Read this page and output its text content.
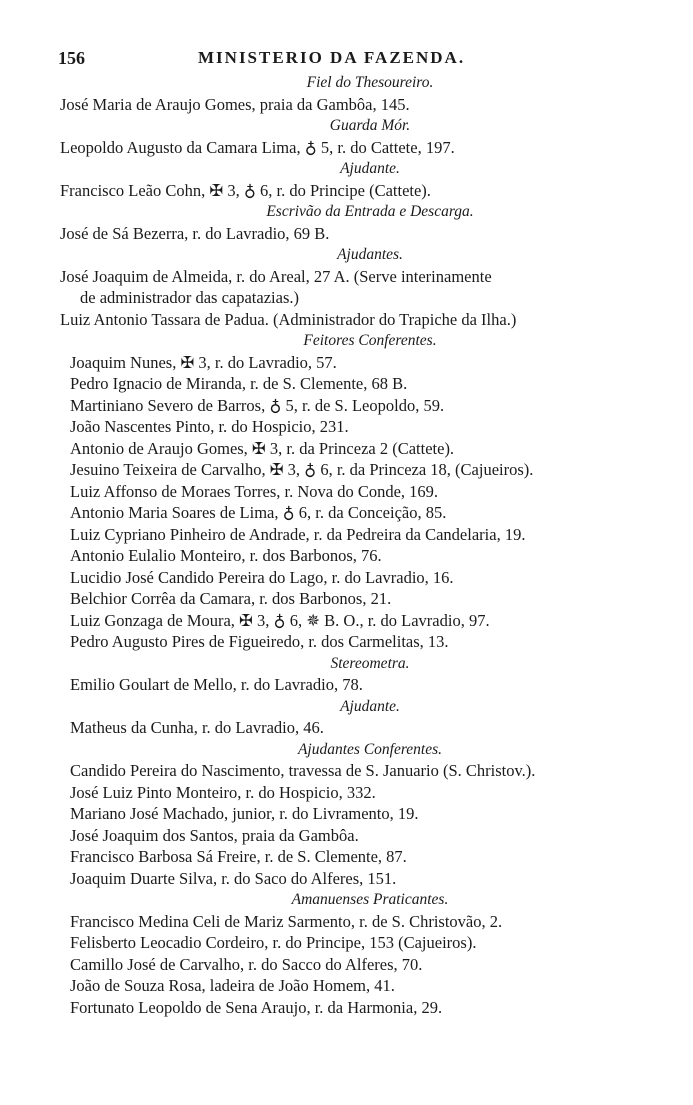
156	MINISTERIO DA FAZENDA.
Fiel do Thesoureiro.
José Maria de Araujo Gomes, praia da Gambôa, 145.
Guarda Mór.
Leopoldo Augusto da Camara Lima, ♁ 5, r. do Cattete, 197.
Ajudante.
Francisco Leão Cohn, ✠ 3, ♁ 6, r. do Principe (Cattete).
Escrivão da Entrada e Descarga.
José de Sá Bezerra, r. do Lavradio, 69 B.
Ajudantes.
José Joaquim de Almeida, r. do Areal, 27 A. (Serve interinamente
de administrador das capatazias.)
Luiz Antonio Tassara de Padua. (Administrador do Trapiche da Ilha.)
Feitores Conferentes.
Joaquim Nunes, ✠ 3, r. do Lavradio, 57.
Pedro Ignacio de Miranda, r. de S. Clemente, 68 B.
Martiniano Severo de Barros, ♁ 5, r. de S. Leopoldo, 59.
João Nascentes Pinto, r. do Hospicio, 231.
Antonio de Araujo Gomes, ✠ 3, r. da Princeza 2 (Cattete).
Jesuino Teixeira de Carvalho, ✠ 3, ♁ 6, r. da Princeza 18, (Cajueiros).
Luiz Affonso de Moraes Torres, r. Nova do Conde, 169.
Antonio Maria Soares de Lima, ♁ 6, r. da Conceição, 85.
Luiz Cypriano Pinheiro de Andrade, r. da Pedreira da Candelaria, 19.
Antonio Eulalio Monteiro, r. dos Barbonos, 76.
Lucidio José Candido Pereira do Lago, r. do Lavradio, 16.
Belchior Corrêa da Camara, r. dos Barbonos, 21.
Luiz Gonzaga de Moura, ✠ 3, ♁ 6, ✵ B. O., r. do Lavradio, 97.
Pedro Augusto Pires de Figueiredo, r. dos Carmelitas, 13.
Stereometra.
Emilio Goulart de Mello, r. do Lavradio, 78.
Ajudante.
Matheus da Cunha, r. do Lavradio, 46.
Ajudantes Conferentes.
Candido Pereira do Nascimento, travessa de S. Januario (S. Christov.).
José Luiz Pinto Monteiro, r. do Hospicio, 332.
Mariano José Machado, junior, r. do Livramento, 19.
José Joaquim dos Santos, praia da Gambôa.
Francisco Barbosa Sá Freire, r. de S. Clemente, 87.
Joaquim Duarte Silva, r. do Saco do Alferes, 151.
Amanuenses Praticantes.
Francisco Medina Celi de Mariz Sarmento, r. de S. Christovão, 2.
Felisberto Leocadio Cordeiro, r. do Principe, 153 (Cajueiros).
Camillo José de Carvalho, r. do Sacco do Alferes, 70.
João de Souza Rosa, ladeira de João Homem, 41.
Fortunato Leopoldo de Sena Araujo, r. da Harmonia, 29.
